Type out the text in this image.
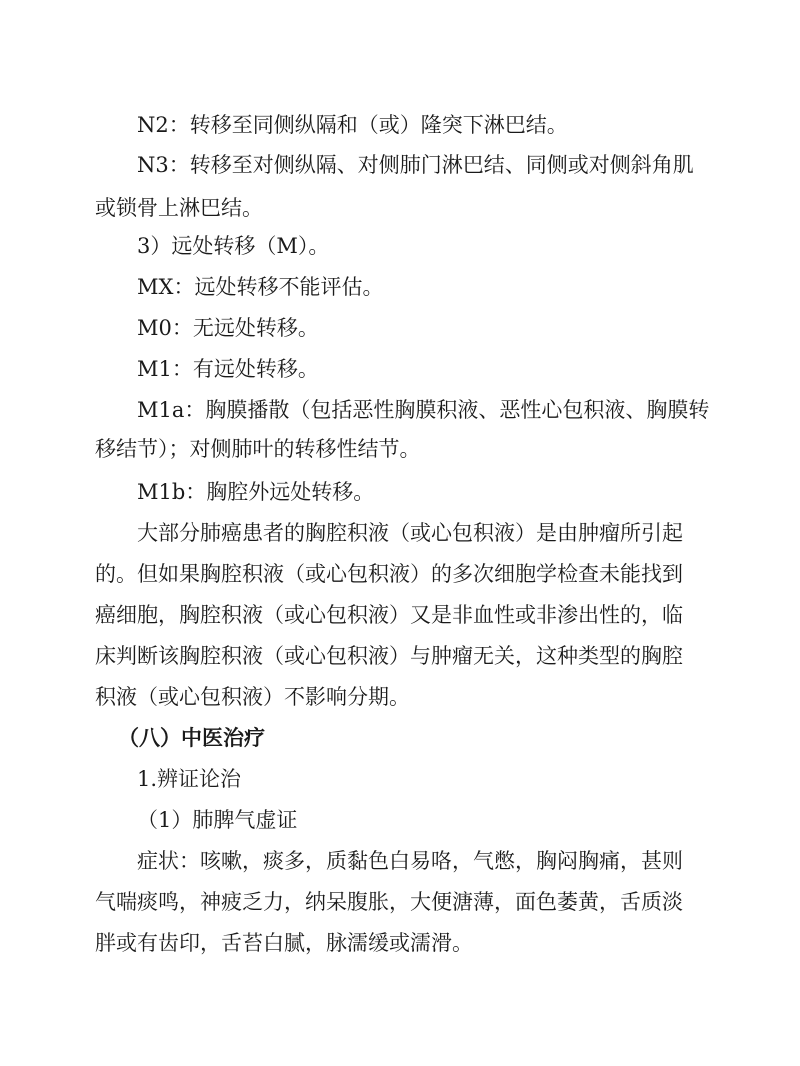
N2：转移至同侧纵隔和（或）隆突下淋巴结。
N3：转移至对侧纵隔、对侧肺门淋巴结、同侧或对侧斜角肌
或锁骨上淋巴结。
3）远处转移（M）。
MX：远处转移不能评估。
M0：无远处转移。
M1：有远处转移。
M1a：胸膜播散（包括恶性胸膜积液、恶性心包积液、胸膜转
移结节）；对侧肺叶的转移性结节。
M1b：胸腔外远处转移。
大部分肺癌患者的胸腔积液（或心包积液）是由肿瘤所引起
的。但如果胸腔积液（或心包积液）的多次细胞学检查未能找到
癌细胞，胸腔积液（或心包积液）又是非血性或非渗出性的，临
床判断该胸腔积液（或心包积液）与肿瘤无关，这种类型的胸腔
积液（或心包积液）不影响分期。
（八）中医治疗
1.辨证论治
（1）肺脾气虚证
症状：咳嗽，痰多，质黏色白易咯，气憋，胸闷胸痛，甚则
气喘痰鸣，神疲乏力，纳呆腹胀，大便溏薄，面色萎黄，舌质淡
胖或有齿印，舌苔白腻，脉濡缓或濡滑。
